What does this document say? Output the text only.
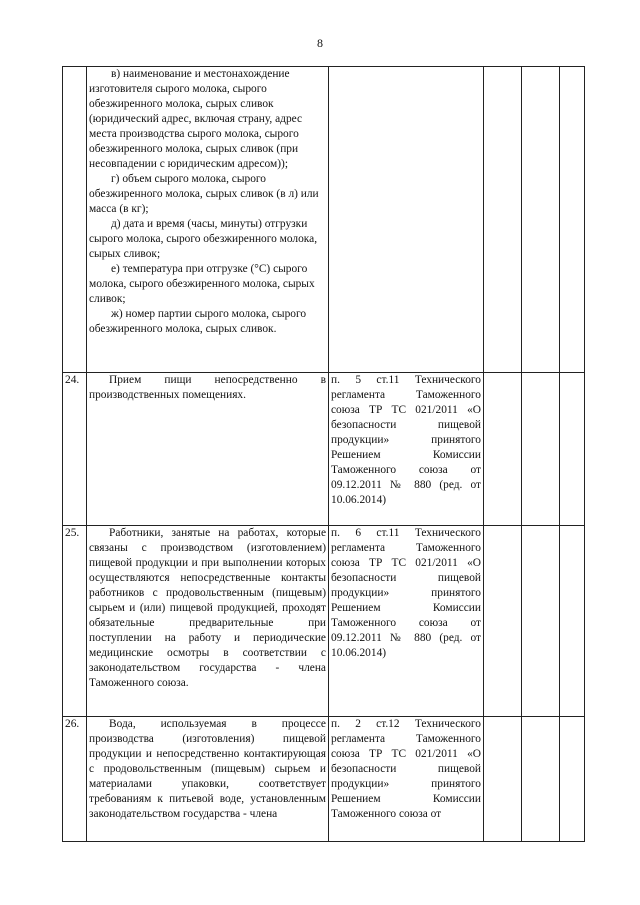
8

	в) наименование и местонахождение изготовителя сырого молока, сырого обезжиренного молока, сырых сливок (юридический адрес, включая страну, адрес места производства сырого молока, сырого обезжиренного молока, сырых сливок (при несовпадении с юридическим адресом));

г) объем сырого молока, сырого обезжиренного молока, сырых сливок (в л) или масса (в кг);

д) дата и время (часы, минуты) отгрузки сырого молока, сырого обезжиренного молока, сырых сливок;

е) температура при отгрузке (°С) сырого молока, сырого обезжиренного молока, сырых сливок;

ж) номер партии сырого молока, сырого обезжиренного молока, сырых сливок.				

24.	Прием пищи непосредственно в производственных помещениях.	п. 5 ст.11 Технического регламента Таможенного союза ТР ТС 021/2011 «О безопасности пищевой продукции» принятого Решением Комиссии Таможенного союза от 09.12.2011 № 880 (ред. от 10.06.2014)			
25.	Работники, занятые на работах, которые связаны с производством (изготовлением) пищевой продукции и при выполнении которых осуществляются непосредственные контакты работников с продовольственным (пищевым) сырьем и (или) пищевой продукцией, проходят обязательные предварительные при поступлении на работу и периодические медицинские осмотры в соответствии с законодательством государства - члена Таможенного союза.	п. 6 ст.11 Технического регламента Таможенного союза ТР ТС 021/2011 «О безопасности пищевой продукции» принятого Решением Комиссии Таможенного союза от 09.12.2011 № 880 (ред. от 10.06.2014)			
26.	Вода, используемая в процессе производства (изготовления) пищевой продукции и непосредственно контактирующая с продовольственным (пищевым) сырьем и материалами упаковки, соответствует требованиям к питьевой воде, установленным законодательством государства - члена	п. 2 ст.12 Технического регламента Таможенного союза ТР ТС 021/2011 «О безопасности пищевой продукции» принятого Решением Комиссии Таможенного союза от			
